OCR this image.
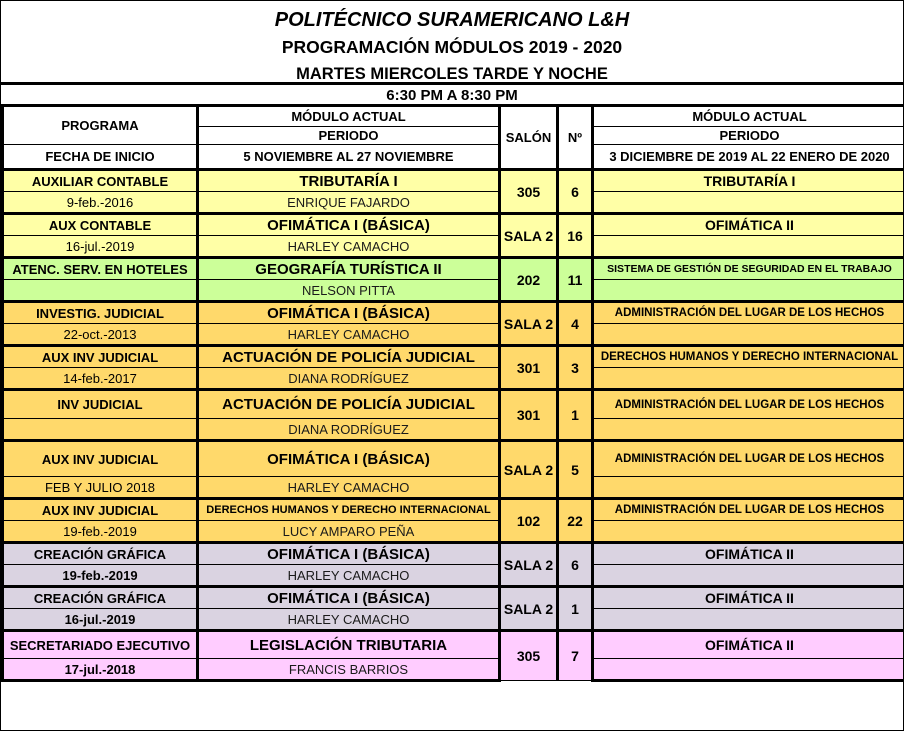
POLITÉCNICO SURAMERICANO L&H
PROGRAMACIÓN MÓDULOS 2019 - 2020
MARTES MIERCOLES TARDE Y NOCHE
6:30 PM A 8:30 PM
PROGRAMA	MÓDULO ACTUAL	SALÓN	Nº	MÓDULO ACTUAL
	PERIODO			PERIODO
FECHA DE INICIO	5 NOVIEMBRE AL 27 NOVIEMBRE			3 DICIEMBRE DE 2019 AL 22 ENERO DE 2020
AUXILIAR CONTABLE	TRIBUTARÍA I	305	6	TRIBUTARÍA I
9-feb.-2016	ENRIQUE FAJARDO			
AUX CONTABLE	OFIMÁTICA I (BÁSICA)	SALA 2	16	OFIMÁTICA II
16-jul.-2019	HARLEY CAMACHO			
ATENC. SERV. EN HOTELES	GEOGRAFÍA TURÍSTICA II	202	11	SISTEMA DE GESTIÓN DE SEGURIDAD EN EL TRABAJO
	NELSON PITTA			
INVESTIG. JUDICIAL	OFIMÁTICA I (BÁSICA)	SALA 2	4	ADMINISTRACIÓN DEL LUGAR DE LOS HECHOS
22-oct.-2013	HARLEY CAMACHO			
AUX INV JUDICIAL	ACTUACIÓN DE POLICÍA JUDICIAL	301	3	DERECHOS HUMANOS Y DERECHO INTERNACIONAL
14-feb.-2017	DIANA RODRÍGUEZ			
INV JUDICIAL	ACTUACIÓN DE POLICÍA JUDICIAL	301	1	ADMINISTRACIÓN DEL LUGAR DE LOS HECHOS
	DIANA RODRÍGUEZ			
AUX INV JUDICIAL	OFIMÁTICA I (BÁSICA)	SALA 2	5	ADMINISTRACIÓN DEL LUGAR DE LOS HECHOS
FEB Y JULIO 2018	HARLEY CAMACHO			
AUX INV JUDICIAL	DERECHOS HUMANOS Y DERECHO INTERNACIONAL	102	22	ADMINISTRACIÓN DEL LUGAR DE LOS HECHOS
19-feb.-2019	LUCY AMPARO PEÑA			
CREACIÓN GRÁFICA	OFIMÁTICA I (BÁSICA)	SALA 2	6	OFIMÁTICA II
19-feb.-2019	HARLEY CAMACHO			
CREACIÓN GRÁFICA	OFIMÁTICA I (BÁSICA)	SALA 2	1	OFIMÁTICA II
16-jul.-2019	HARLEY CAMACHO			
SECRETARIADO EJECUTIVO	LEGISLACIÓN TRIBUTARIA	305	7	OFIMÁTICA II
17-jul.-2018	FRANCIS BARRIOS			
